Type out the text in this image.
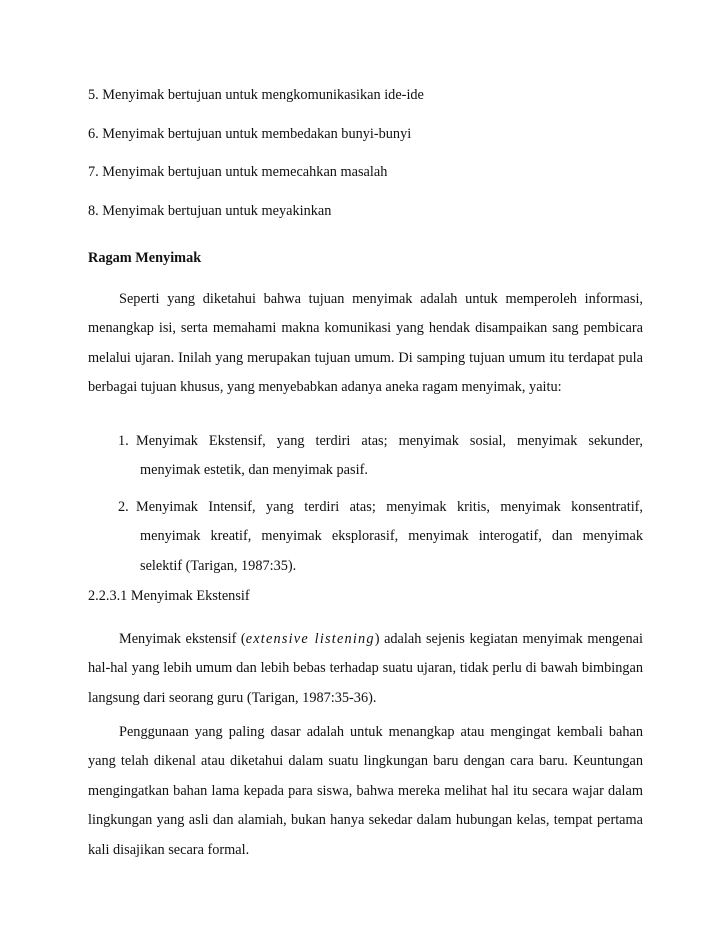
5. Menyimak bertujuan untuk mengkomunikasikan ide-ide
6. Menyimak bertujuan untuk membedakan bunyi-bunyi
7. Menyimak bertujuan untuk memecahkan masalah
8. Menyimak bertujuan untuk meyakinkan
Ragam Menyimak

Seperti yang diketahui bahwa tujuan menyimak adalah untuk memperoleh informasi, menangkap isi, serta memahami makna komunikasi yang hendak disampaikan sang pembicara melalui ujaran. Inilah yang merupakan tujuan umum. Di samping tujuan umum itu terdapat pula berbagai tujuan khusus, yang menyebabkan adanya aneka ragam menyimak, yaitu:

1. Menyimak Ekstensif, yang terdiri atas; menyimak sosial, menyimak sekunder, menyimak estetik, dan menyimak pasif.
2. Menyimak Intensif, yang terdiri atas; menyimak kritis, menyimak konsentratif, menyimak kreatif, menyimak eksplorasif, menyimak interogatif, dan menyimak selektif (Tarigan, 1987:35).
2.2.3.1 Menyimak Ekstensif

Menyimak ekstensif (extensive listening) adalah sejenis kegiatan menyimak mengenai hal-hal yang lebih umum dan lebih bebas terhadap suatu ujaran, tidak perlu di bawah bimbingan langsung dari seorang guru (Tarigan, 1987:35-36).

Penggunaan yang paling dasar adalah untuk menangkap atau mengingat kembali bahan yang telah dikenal atau diketahui dalam suatu lingkungan baru dengan cara baru. Keuntungan mengingatkan bahan lama kepada para siswa, bahwa mereka melihat hal itu secara wajar dalam lingkungan yang asli dan alamiah, bukan hanya sekedar dalam hubungan kelas, tempat pertama kali disajikan secara formal.
